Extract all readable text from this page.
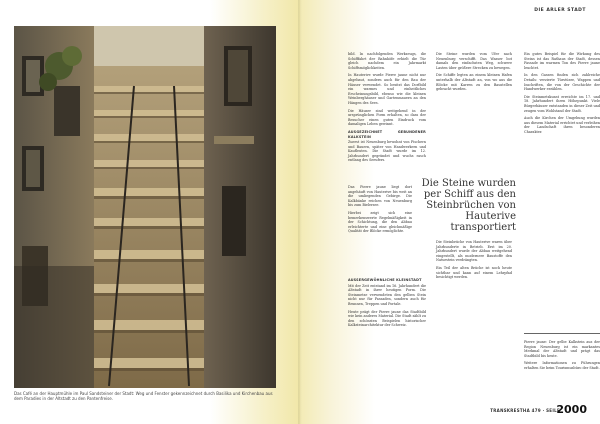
Das Café an der Hauptmühle im Paul Sandsteiner der Stadt: Weg und Fenster gekennzeichnet durch Basilika und Kirchenbau aus dem Paradies in der Altstadt zu den Pantenfreise.
DIE ARLER STADT

bild. In nachfolgenden Werkzeugs, die Schifffahrt der Bahnhöfe erhielt die Tür gleich nachdem ein Jahrmarkt Schiffsmöglichkeiten.

In Hauterive wurde Pierre jaune nicht nur abgebaut, sondern auch für den Bau der Häuser verwendet. So besitzt das Dorfbild ein warmes und einheitliches Erscheinungsbild, ebenso wie die kleinen Weinberghäuser und Gartenmauern an den Hängen des Sees.

Die Häuser sind weitgehend in der ursprünglichen Form erhalten, so dass der Besucher einen guten Eindruck vom damaligen Leben gewinnt.

AUSGEZEICHNET GEBUNDENER KALKSTEIN

Zuerst ist Neuenburg bewohnt von Fischern und Bauern, später von Handwerkern und Kaufleuten. Die Stadt wurde im 12. Jahrhundert gegründet und wuchs rasch entlang des Seeufers.

Das Pierre jaune liegt dort angehäuft von Hauterive bis weit an die umliegenden Gebirge. Die Kalkbänke reichen von Neuenburg bis zum Bielersee.

Hierbei zeigt sich eine bemerkenswerte Regelmäßigkeit in der Schichtung, die den Abbau erleichterte und eine gleichmäßige Qualität der Blöcke ermöglichte.

AUSSERGEWÖHNLICHE KLEINSTADT

Mit der Zeit entstand im 16. Jahrhundert die Altstadt in ihrer heutigen Form. Die Steinmetze verwendeten den gelben Stein nicht nur für Fassaden, sondern auch für Brunnen, Treppen und Portale.

Heute prägt der Pierre jaune das Stadtbild wie kein anderes Material. Die Stadt zählt zu den schönsten Beispielen historischer Kalksteinarchitektur der Schweiz.

Die Steine wurden vom Ufer nach Neuenburg verschifft. Das Wasser bot damals den einfachsten Weg, schwere Lasten über größere Strecken zu bewegen.

Die Schiffe legten an einem kleinen Hafen unterhalb der Altstadt an, von wo aus die Blöcke mit Karren zu den Baustellen gebracht wurden.

Die Steine wurden per Schiff aus den Steinbrüchen von Hauterive transportiert

Die Steinbrüche von Hauterive waren über Jahrhunderte in Betrieb. Erst im 20. Jahrhundert wurde der Abbau weitgehend eingestellt, als modernere Baustoffe den Naturstein verdrängten.

Ein Teil der alten Brüche ist noch heute sichtbar und kann auf einem Lehrpfad besichtigt werden.

Ein gutes Beispiel für die Wirkung des Steins ist das Rathaus der Stadt, dessen Fassade im warmen Ton des Pierre jaune leuchtet.

In den Gassen finden sich zahlreiche Details: verzierte Türstürze, Wappen und Inschriften, die von der Geschichte der Handwerker erzählen.

Die Steinmetzkunst erreichte im 17. und 18. Jahrhundert ihren Höhepunkt. Viele Bürgerhäuser entstanden in dieser Zeit und zeugen vom Wohlstand der Stadt.

Auch die Kirchen der Umgebung wurden aus diesem Material errichtet und verleihen der Landschaft ihren besonderen Charakter.

Pierre jaune: Der gelbe Kalkstein aus der Region Neuenburg ist ein markantes Merkmal der Altstadt und prägt das Stadtbild bis heute.

Weitere Informationen zu Führungen erhalten Sie beim Tourismusbüro der Stadt.

TRANSKRESTHA 479 · SEILE
2000
